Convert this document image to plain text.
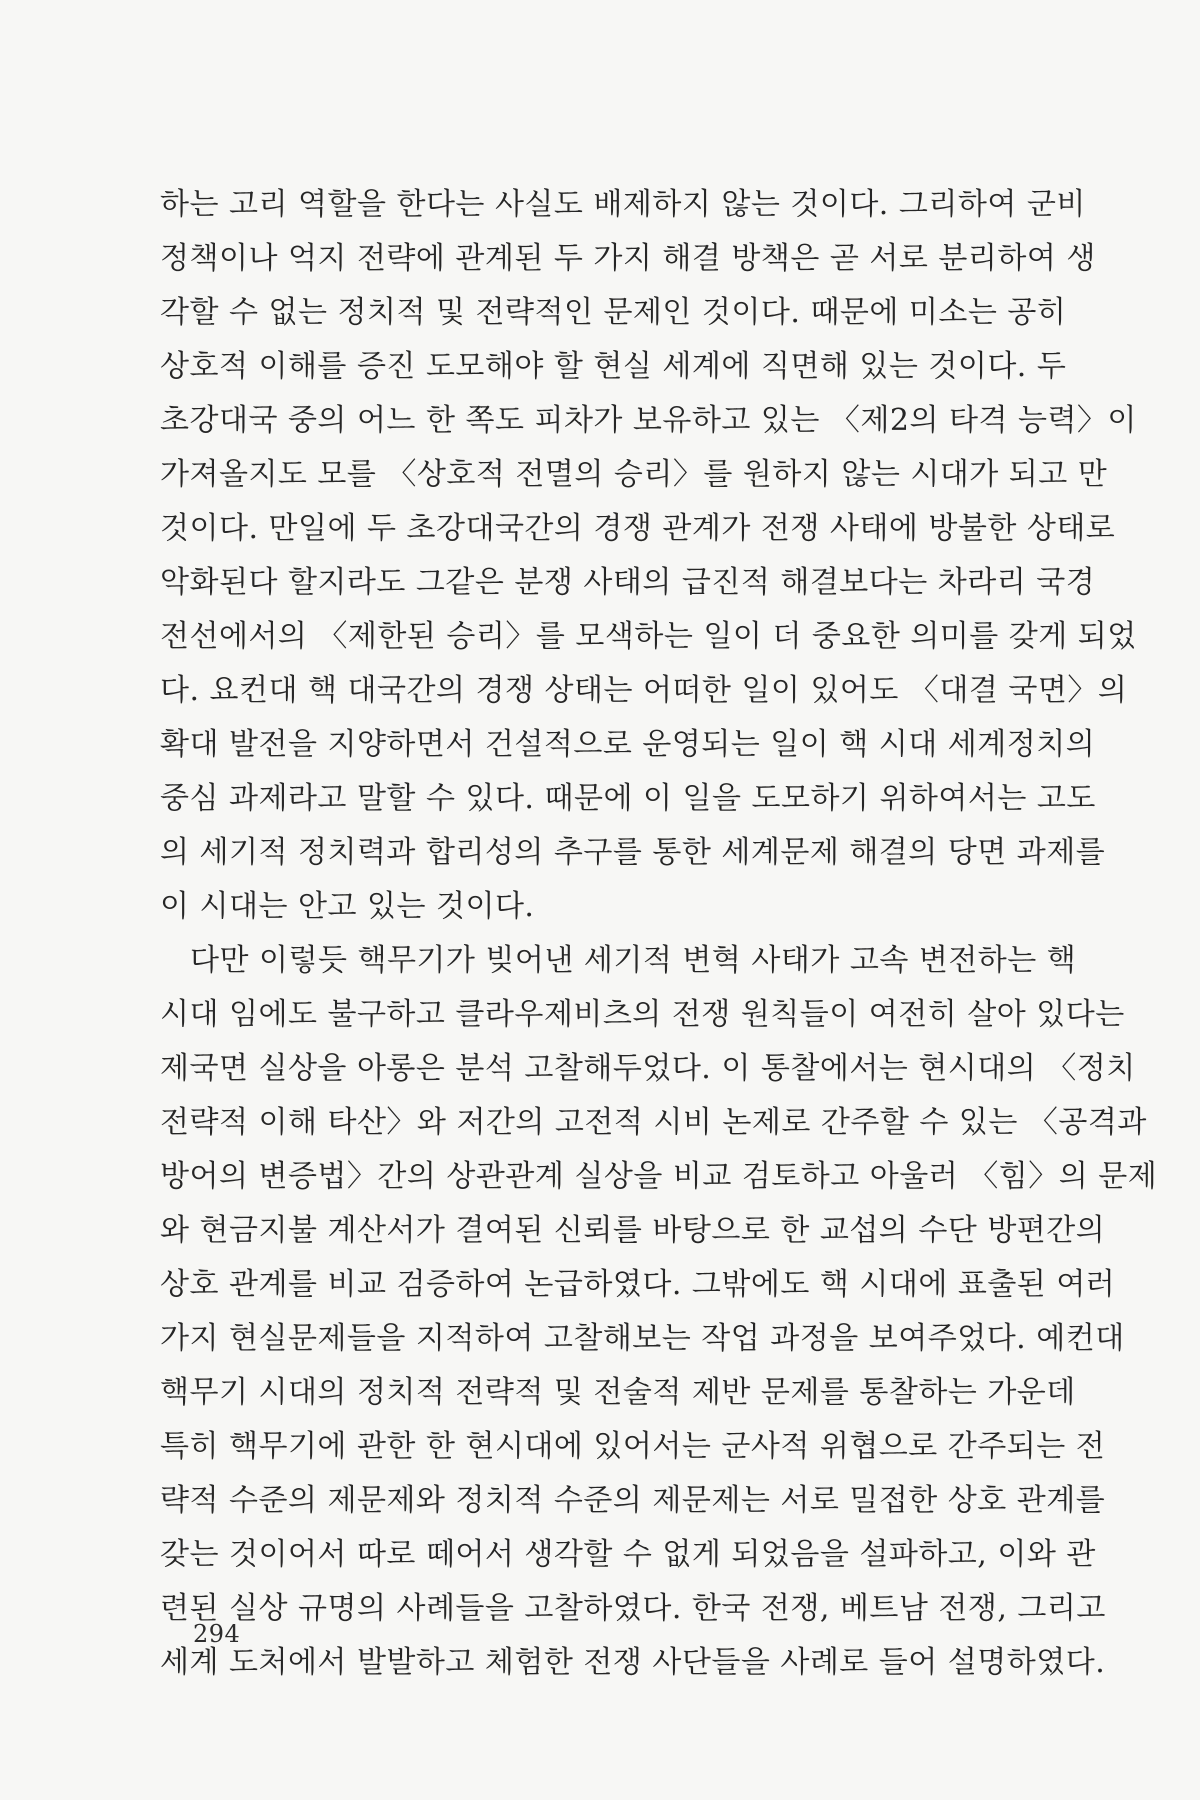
하는 고리 역할을 한다는 사실도 배제하지 않는 것이다. 그리하여 군비
정책이나 억지 전략에 관계된 두 가지 해결 방책은 곧 서로 분리하여 생
각할 수 없는 정치적 및 전략적인 문제인 것이다. 때문에 미소는 공히
상호적 이해를 증진 도모해야 할 현실 세계에 직면해 있는 것이다. 두
초강대국 중의 어느 한 쪽도 피차가 보유하고 있는 〈제2의 타격 능력〉이
가져올지도 모를 〈상호적 전멸의 승리〉를 원하지 않는 시대가 되고 만
것이다. 만일에 두 초강대국간의 경쟁 관계가 전쟁 사태에 방불한 상태로
악화된다 할지라도 그같은 분쟁 사태의 급진적 해결보다는 차라리 국경
전선에서의 〈제한된 승리〉를 모색하는 일이 더 중요한 의미를 갖게 되었
다. 요컨대 핵 대국간의 경쟁 상태는 어떠한 일이 있어도 〈대결 국면〉의
확대 발전을 지양하면서 건설적으로 운영되는 일이 핵 시대 세계정치의
중심 과제라고 말할 수 있다. 때문에 이 일을 도모하기 위하여서는 고도
의 세기적 정치력과 합리성의 추구를 통한 세계문제 해결의 당면 과제를
이 시대는 안고 있는 것이다.
다만 이렇듯 핵무기가 빚어낸 세기적 변혁 사태가 고속 변전하는 핵
시대 임에도 불구하고 클라우제비츠의 전쟁 원칙들이 여전히 살아 있다는
제국면 실상을 아롱은 분석 고찰해두었다. 이 통찰에서는 현시대의 〈정치
전략적 이해 타산〉와 저간의 고전적 시비 논제로 간주할 수 있는 〈공격과
방어의 변증법〉간의 상관관계 실상을 비교 검토하고 아울러 〈힘〉의 문제
와 현금지불 계산서가 결여된 신뢰를 바탕으로 한 교섭의 수단 방편간의
상호 관계를 비교 검증하여 논급하였다. 그밖에도 핵 시대에 표출된 여러
가지 현실문제들을 지적하여 고찰해보는 작업 과정을 보여주었다. 예컨대
핵무기 시대의 정치적 전략적 및 전술적 제반 문제를 통찰하는 가운데
특히 핵무기에 관한 한 현시대에 있어서는 군사적 위협으로 간주되는 전
략적 수준의 제문제와 정치적 수준의 제문제는 서로 밀접한 상호 관계를
갖는 것이어서 따로 떼어서 생각할 수 없게 되었음을 설파하고, 이와 관
련된 실상 규명의 사례들을 고찰하였다. 한국 전쟁, 베트남 전쟁, 그리고
세계 도처에서 발발하고 체험한 전쟁 사단들을 사례로 들어 설명하였다.
294
